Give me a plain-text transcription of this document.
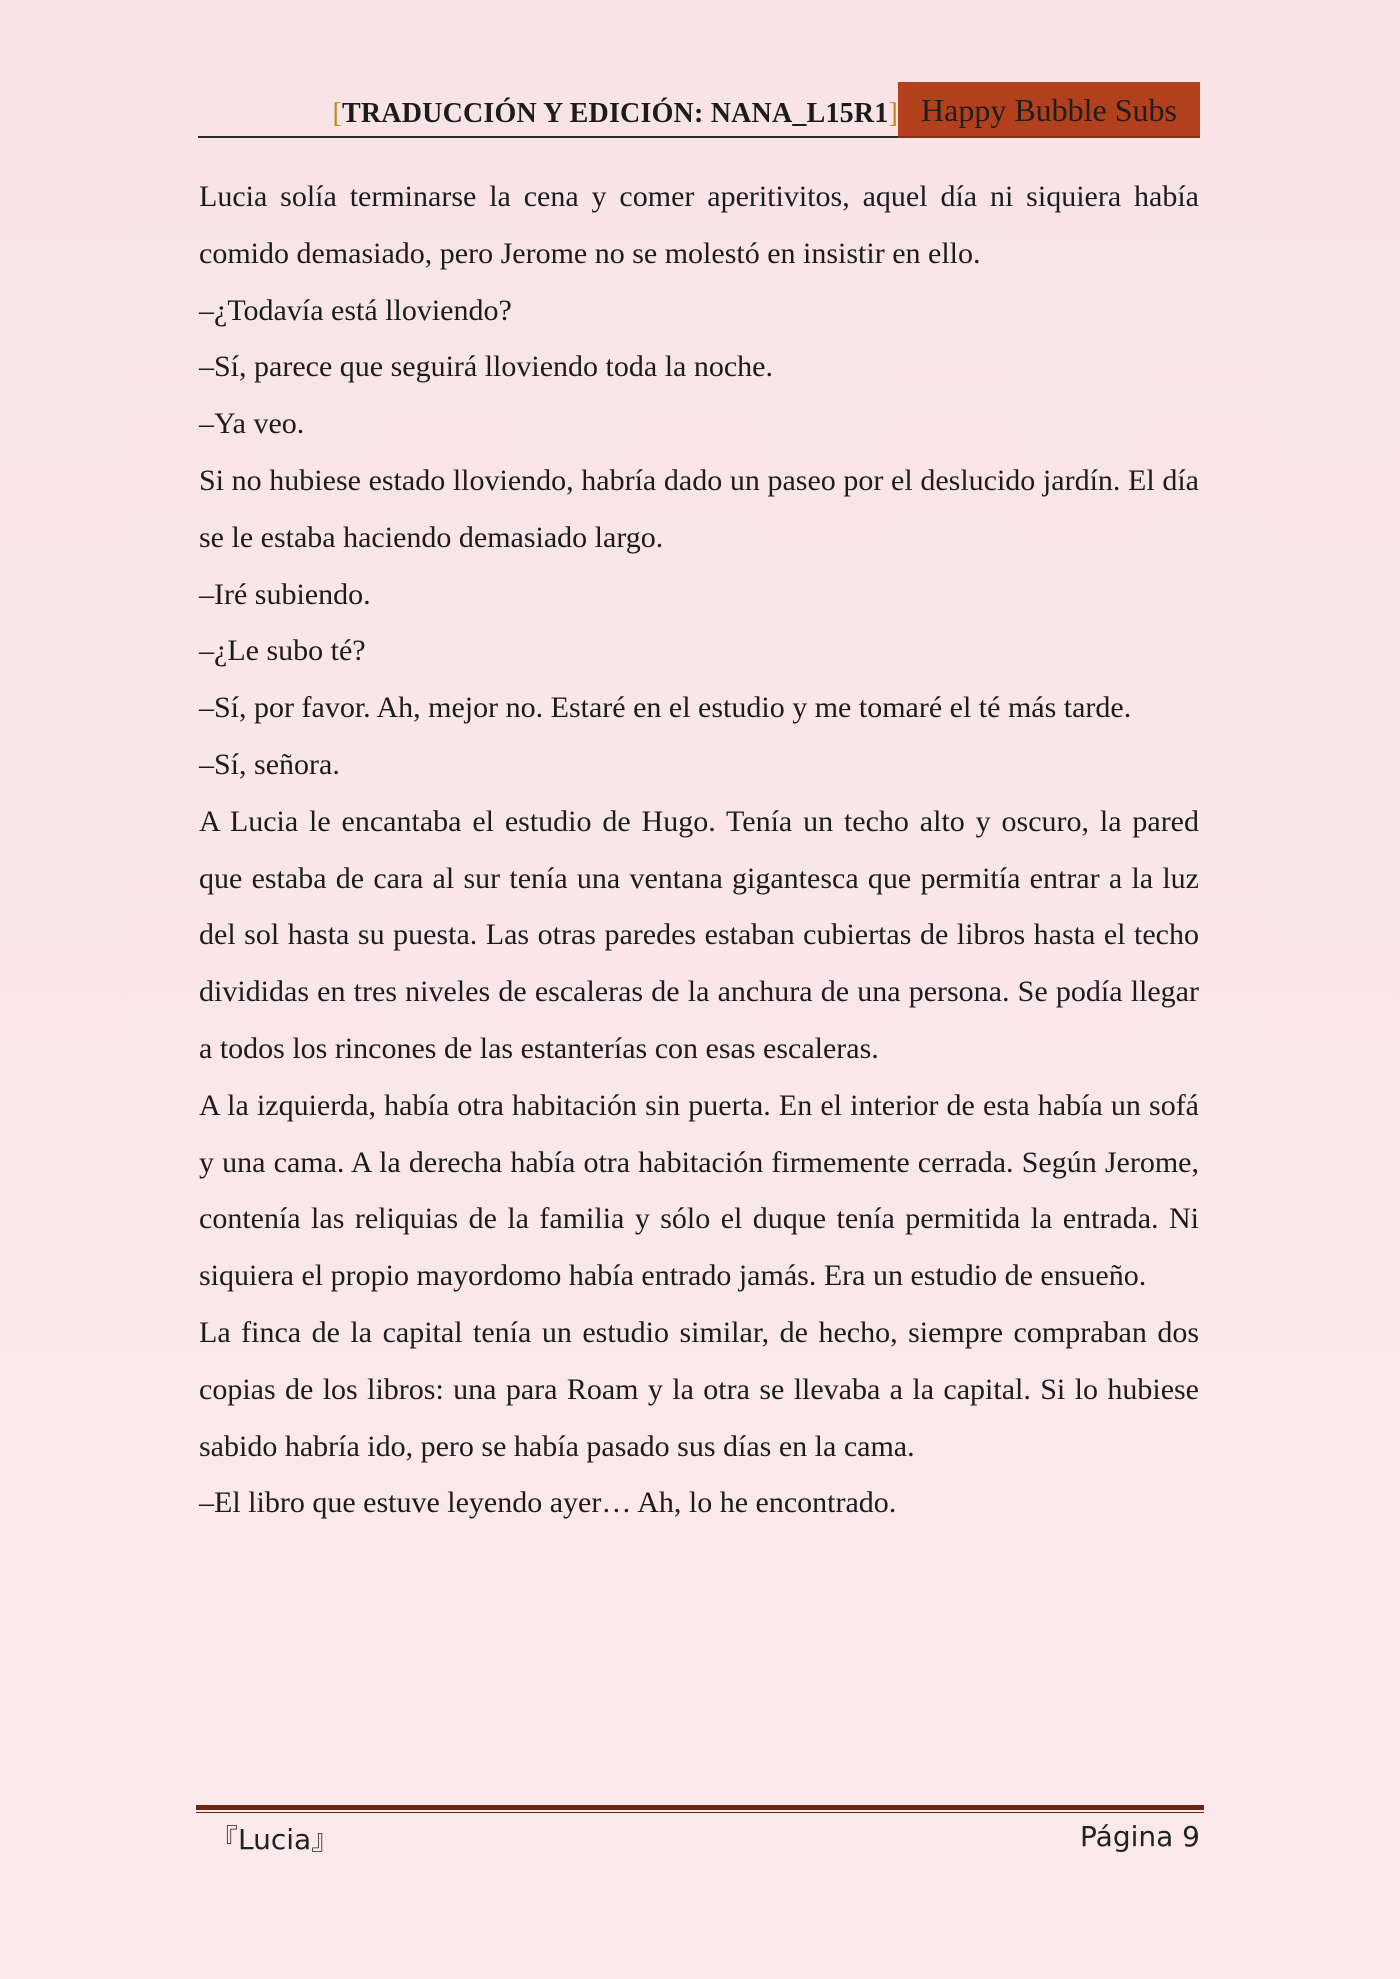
[TRADUCCIÓN Y EDICIÓN: NANA_L15R1] Happy Bubble Subs

Lucia solía terminarse la cena y comer aperitivitos, aquel día ni siquiera había comido demasiado, pero Jerome no se molestó en insistir en ello.

–¿Todavía está lloviendo?

–Sí, parece que seguirá lloviendo toda la noche.

–Ya veo.

Si no hubiese estado lloviendo, habría dado un paseo por el deslucido jardín. El día se le estaba haciendo demasiado largo.

–Iré subiendo.

–¿Le subo té?

–Sí, por favor. Ah, mejor no. Estaré en el estudio y me tomaré el té más tarde.

–Sí, señora.

A Lucia le encantaba el estudio de Hugo. Tenía un techo alto y oscuro, la pared que estaba de cara al sur tenía una ventana gigantesca que permitía entrar a la luz del sol hasta su puesta. Las otras paredes estaban cubiertas de libros hasta el techo divididas en tres niveles de escaleras de la anchura de una persona. Se podía llegar a todos los rincones de las estanterías con esas escaleras.

A la izquierda, había otra habitación sin puerta. En el interior de esta había un sofá y una cama. A la derecha había otra habitación firmemente cerrada. Según Jerome, contenía las reliquias de la familia y sólo el duque tenía permitida la entrada. Ni siquiera el propio mayordomo había entrado jamás. Era un estudio de ensueño.

La finca de la capital tenía un estudio similar, de hecho, siempre compraban dos copias de los libros: una para Roam y la otra se llevaba a la capital. Si lo hubiese sabido habría ido, pero se había pasado sus días en la cama.

–El libro que estuve leyendo ayer… Ah, lo he encontrado.

『Lucia』	Página 9
